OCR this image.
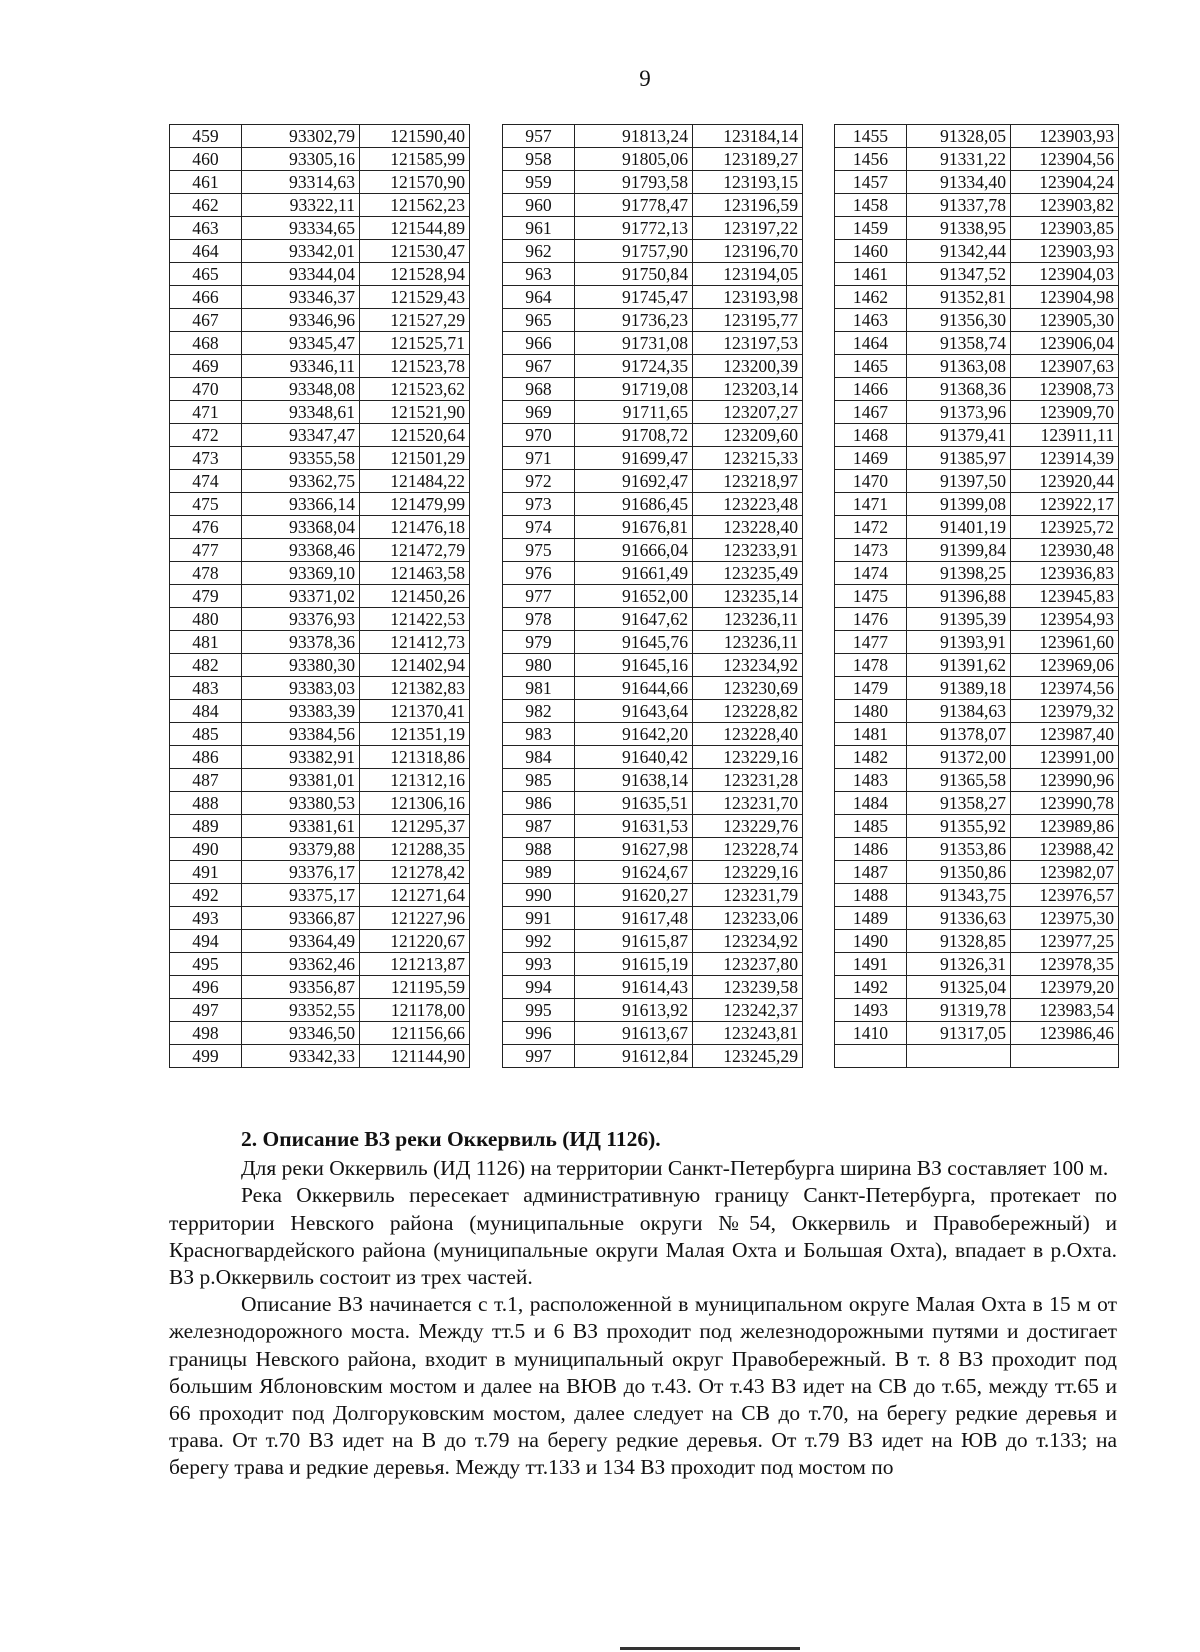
9
459	93302,79	121590,40
460	93305,16	121585,99
461	93314,63	121570,90
462	93322,11	121562,23
463	93334,65	121544,89
464	93342,01	121530,47
465	93344,04	121528,94
466	93346,37	121529,43
467	93346,96	121527,29
468	93345,47	121525,71
469	93346,11	121523,78
470	93348,08	121523,62
471	93348,61	121521,90
472	93347,47	121520,64
473	93355,58	121501,29
474	93362,75	121484,22
475	93366,14	121479,99
476	93368,04	121476,18
477	93368,46	121472,79
478	93369,10	121463,58
479	93371,02	121450,26
480	93376,93	121422,53
481	93378,36	121412,73
482	93380,30	121402,94
483	93383,03	121382,83
484	93383,39	121370,41
485	93384,56	121351,19
486	93382,91	121318,86
487	93381,01	121312,16
488	93380,53	121306,16
489	93381,61	121295,37
490	93379,88	121288,35
491	93376,17	121278,42
492	93375,17	121271,64
493	93366,87	121227,96
494	93364,49	121220,67
495	93362,46	121213,87
496	93356,87	121195,59
497	93352,55	121178,00
498	93346,50	121156,66
499	93342,33	121144,90
957	91813,24	123184,14
958	91805,06	123189,27
959	91793,58	123193,15
960	91778,47	123196,59
961	91772,13	123197,22
962	91757,90	123196,70
963	91750,84	123194,05
964	91745,47	123193,98
965	91736,23	123195,77
966	91731,08	123197,53
967	91724,35	123200,39
968	91719,08	123203,14
969	91711,65	123207,27
970	91708,72	123209,60
971	91699,47	123215,33
972	91692,47	123218,97
973	91686,45	123223,48
974	91676,81	123228,40
975	91666,04	123233,91
976	91661,49	123235,49
977	91652,00	123235,14
978	91647,62	123236,11
979	91645,76	123236,11
980	91645,16	123234,92
981	91644,66	123230,69
982	91643,64	123228,82
983	91642,20	123228,40
984	91640,42	123229,16
985	91638,14	123231,28
986	91635,51	123231,70
987	91631,53	123229,76
988	91627,98	123228,74
989	91624,67	123229,16
990	91620,27	123231,79
991	91617,48	123233,06
992	91615,87	123234,92
993	91615,19	123237,80
994	91614,43	123239,58
995	91613,92	123242,37
996	91613,67	123243,81
997	91612,84	123245,29
1455	91328,05	123903,93
1456	91331,22	123904,56
1457	91334,40	123904,24
1458	91337,78	123903,82
1459	91338,95	123903,85
1460	91342,44	123903,93
1461	91347,52	123904,03
1462	91352,81	123904,98
1463	91356,30	123905,30
1464	91358,74	123906,04
1465	91363,08	123907,63
1466	91368,36	123908,73
1467	91373,96	123909,70
1468	91379,41	123911,11
1469	91385,97	123914,39
1470	91397,50	123920,44
1471	91399,08	123922,17
1472	91401,19	123925,72
1473	91399,84	123930,48
1474	91398,25	123936,83
1475	91396,88	123945,83
1476	91395,39	123954,93
1477	91393,91	123961,60
1478	91391,62	123969,06
1479	91389,18	123974,56
1480	91384,63	123979,32
1481	91378,07	123987,40
1482	91372,00	123991,00
1483	91365,58	123990,96
1484	91358,27	123990,78
1485	91355,92	123989,86
1486	91353,86	123988,42
1487	91350,86	123982,07
1488	91343,75	123976,57
1489	91336,63	123975,30
1490	91328,85	123977,25
1491	91326,31	123978,35
1492	91325,04	123979,20
1493	91319,78	123983,54
1410	91317,05	123986,46

2. Описание ВЗ реки Оккервиль (ИД 1126).

Для реки Оккервиль (ИД 1126) на территории Санкт-Петербурга ширина ВЗ составляет 100 м.

Река Оккервиль пересекает административную границу Санкт-Петербурга, протекает по территории Невского района (муниципальные округи №54, Оккервиль и Правобережный) и Красногвардейского района (муниципальные округи Малая Охта и Большая Охта), впадает в р.Охта. ВЗ р.Оккервиль состоит из трех частей.

Описание ВЗ начинается с т.1, расположенной в муниципальном округе Малая Охта в 15 м от железнодорожного моста. Между тт.5 и 6 ВЗ проходит под железнодорожными путями и достигает границы Невского района, входит в муниципальный округ Правобережный. В т. 8 ВЗ проходит под большим Яблоновским мостом и далее на ВЮВ до т.43. От т.43 ВЗ идет на СВ до т.65, между тт.65 и 66 проходит под Долгоруковским мостом, далее следует на СВ до т.70, на берегу редкие деревья и трава. От т.70 ВЗ идет на В до т.79 на берегу редкие деревья. От т.79 ВЗ идет на ЮВ до т.133; на берегу трава и редкие деревья. Между тт.133 и 134 ВЗ проходит под мостом по
